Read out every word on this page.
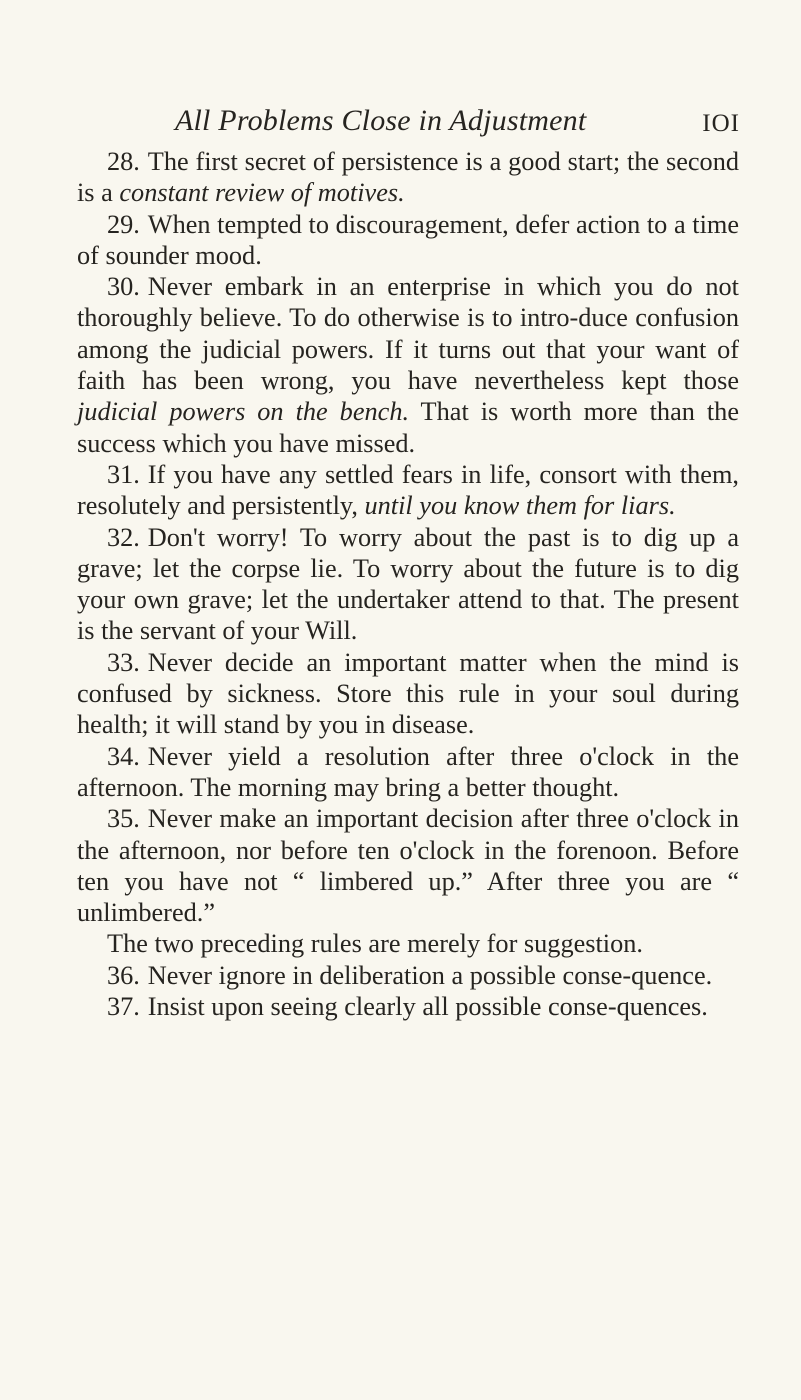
All Problems Close in Adjustment	IOI

28. The first secret of persistence is a good start; the second is a constant review of motives.

29. When tempted to discouragement, defer action to a time of sounder mood.

30. Never embark in an enterprise in which you do not thoroughly believe. To do otherwise is to intro-duce confusion among the judicial powers. If it turns out that your want of faith has been wrong, you have nevertheless kept those judicial powers on the bench. That is worth more than the success which you have missed.

31. If you have any settled fears in life, consort with them, resolutely and persistently, until you know them for liars.

32. Don't worry! To worry about the past is to dig up a grave; let the corpse lie. To worry about the future is to dig your own grave; let the undertaker attend to that. The present is the servant of your Will.

33. Never decide an important matter when the mind is confused by sickness. Store this rule in your soul during health; it will stand by you in disease.

34. Never yield a resolution after three o'clock in the afternoon. The morning may bring a better thought.

35. Never make an important decision after three o'clock in the afternoon, nor before ten o'clock in the forenoon. Before ten you have not “ limbered up.” After three you are “ unlimbered.”

The two preceding rules are merely for suggestion.

36. Never ignore in deliberation a possible conse-quence.

37. Insist upon seeing clearly all possible conse-quences.
